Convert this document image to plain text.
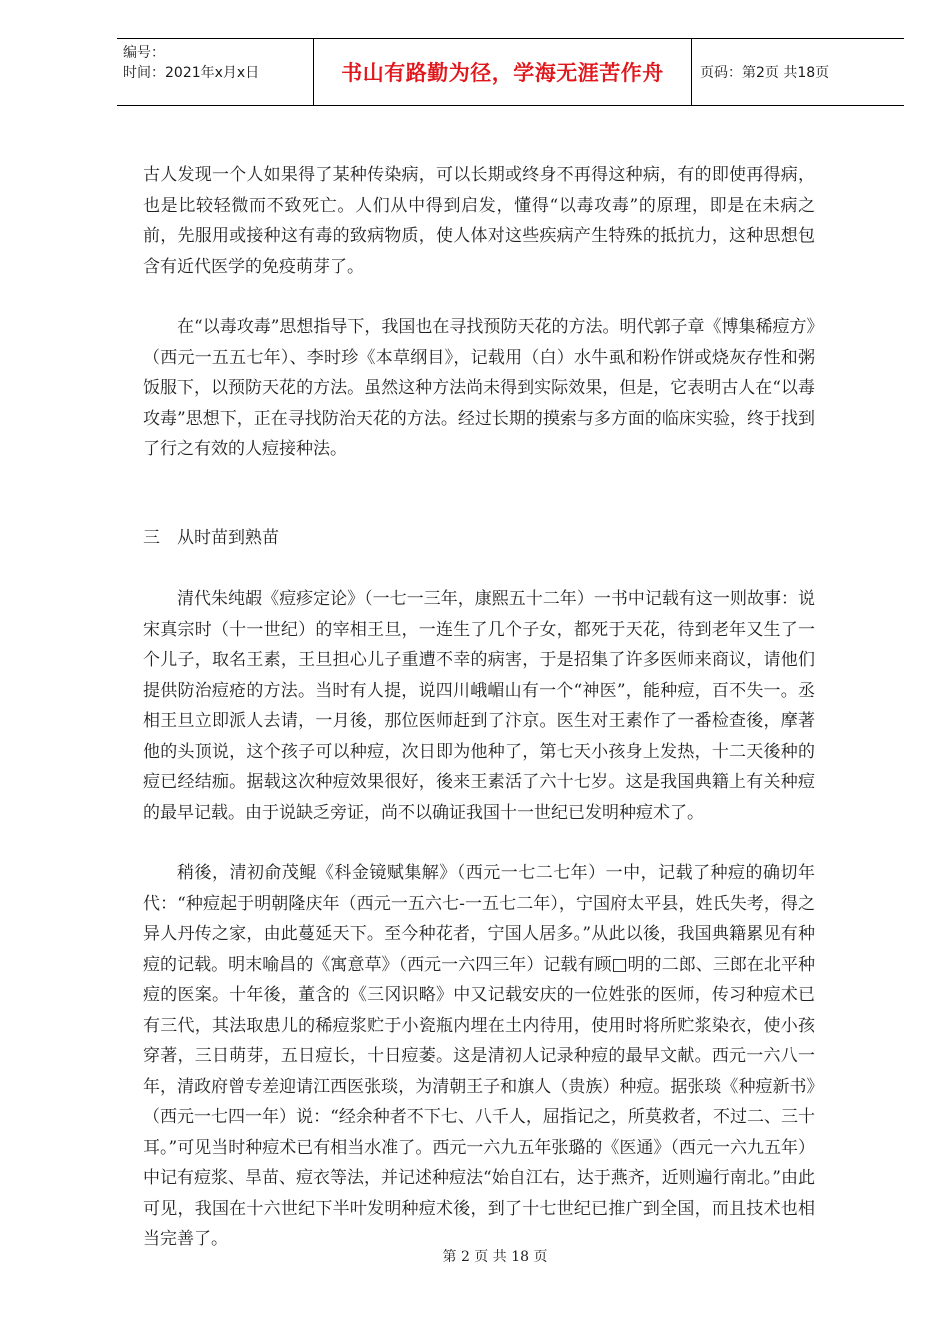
编号：
时间：2021年x月x日	书山有路勤为径，学海无涯苦作舟	页码：第2页 共18页

古人发现一个人如果得了某种传染病，可以长期或终身不再得这种病，有的即使再得病，也是比较轻微而不致死亡。人们从中得到启发，懂得“以毒攻毒”的原理，即是在未病之前，先服用或接种这有毒的致病物质，使人体对这些疾病产生特殊的抵抗力，这种思想包含有近代医学的免疫萌芽了。

在“以毒攻毒”思想指导下，我国也在寻找预防天花的方法。明代郭子章《博集稀痘方》（西元一五五七年）、李时珍《本草纲目》，记载用（白）水牛虱和粉作饼或烧灰存性和粥饭服下，以预防天花的方法。虽然这种方法尚未得到实际效果，但是，它表明古人在“以毒攻毒”思想下，正在寻找防治天花的方法。经过长期的摸索与多方面的临床实验，终于找到了行之有效的人痘接种法。

三　从时苗到熟苗

清代朱纯嘏《痘疹定论》（一七一三年，康熙五十二年）一书中记载有这一则故事：说宋真宗时（十一世纪）的宰相王旦，一连生了几个子女，都死于天花，待到老年又生了一个儿子，取名王素，王旦担心儿子重遭不幸的病害，于是招集了许多医师来商议，请他们提供防治痘疮的方法。当时有人提，说四川峨嵋山有一个“神医”，能种痘，百不失一。丞相王旦立即派人去请，一月後，那位医师赶到了汴京。医生对王素作了一番检查後，摩著他的头顶说，这个孩子可以种痘，次日即为他种了，第七天小孩身上发热，十二天後种的痘已经结痂。据载这次种痘效果很好，後来王素活了六十七岁。这是我国典籍上有关种痘的最早记载。由于说缺乏旁证，尚不以确证我国十一世纪已发明种痘术了。

稍後，清初俞茂鲲《科金镜赋集解》（西元一七二七年）一中，记载了种痘的确切年代：“种痘起于明朝隆庆年（西元一五六七-一五七二年），宁国府太平县，姓氏失考，得之异人丹传之家，由此蔓延天下。至今种花者，宁国人居多。”从此以後，我国典籍累见有种痘的记载。明末喻昌的《寓意草》（西元一六四三年）记载有顾□明的二郎、三郎在北平种痘的医案。十年後，董含的《三冈识略》中又记载安庆的一位姓张的医师，传习种痘术已有三代，其法取患儿的稀痘浆贮于小瓷瓶内埋在土内待用，使用时将所贮浆染衣，使小孩穿著，三日萌芽，五日痘长，十日痘萎。这是清初人记录种痘的最早文献。西元一六八一年，清政府曾专差迎请江西医张琰，为清朝王子和旗人（贵族）种痘。据张琰《种痘新书》（西元一七四一年）说：“经余种者不下七、八千人，屈指记之，所莫救者，不过二、三十耳。”可见当时种痘术已有相当水准了。西元一六九五年张璐的《医通》（西元一六九五年）中记有痘浆、旱苗、痘衣等法，并记述种痘法“始自江右，达于燕齐，近则遍行南北。”由此可见，我国在十六世纪下半叶发明种痘术後，到了十七世纪已推广到全国，而且技术也相当完善了。

第 2 页 共 18 页
